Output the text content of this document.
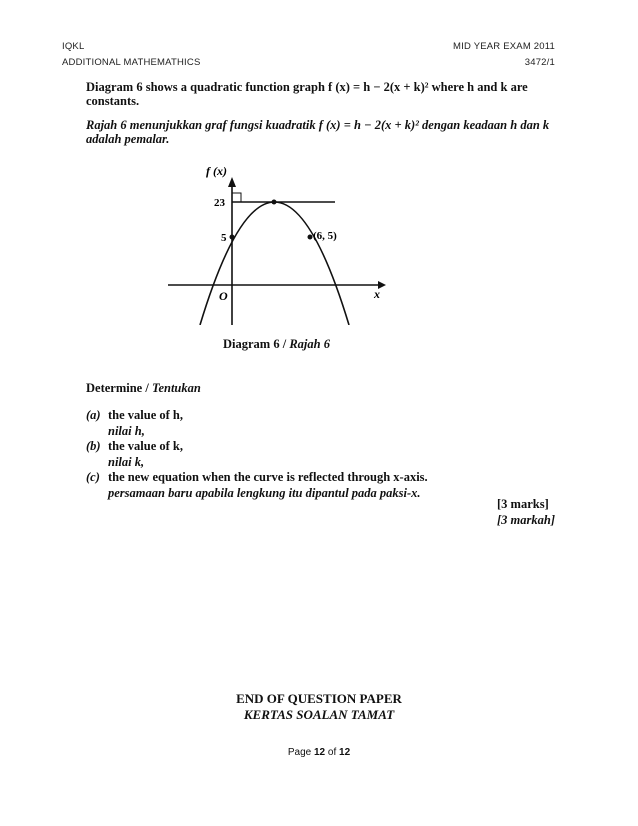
IQKL
ADDITIONAL MATHEMATHICS
MID YEAR EXAM 2011
3472/1
Diagram 6 shows a quadratic function graph f (x) = h − 2(x + k)² where h and k are
constants.
Rajah 6 menunjukkan graf fungsi kuadratik f (x) = h − 2(x + k)² dengan keadaan h dan k
adalah pemalar.
f (x)
x
O
23
5	(6, 5)
Diagram 6 / Rajah 6
Determine / Tentukan
(a) the value of h,
nilai h,
(b) the value of k,
nilai k,
(c) the new equation when the curve is reflected through x-axis.
persamaan baru apabila lengkung itu dipantul pada paksi-x.
[3 marks]
[3 markah]
END OF QUESTION PAPER
KERTAS SOALAN TAMAT
Page 12 of 12
